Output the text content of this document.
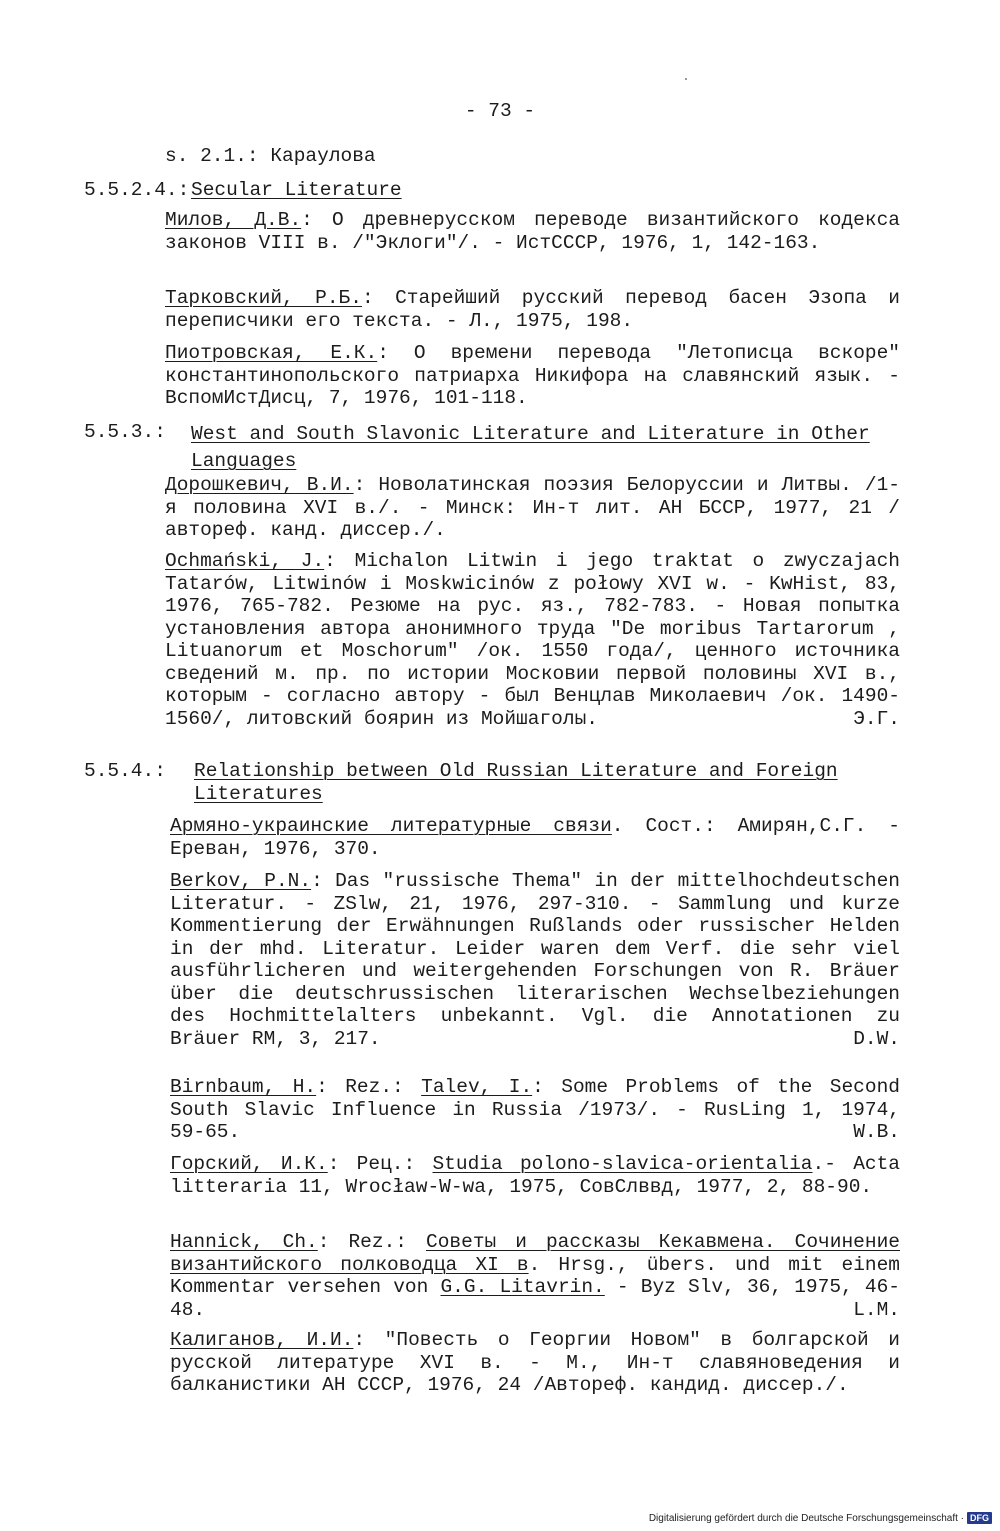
- 73 -
s. 2.1.: Караулова
5.5.2.4.: Secular Literature
Милов, Д.В.: О древнерусском переводе византийского кодекса законов VIII в. /"Эклоги"/. - ИстСССР, 1976, 1, 142-163.
Тарковский, Р.Б.: Старейший русский перевод басен Эзопа и переписчики его текста. - Л., 1975, 198.
Пиотровская, Е.К.: О времени перевода "Летописца вскоре" константинопольского патриарха Никифора на славянский язык. - ВспомИстДисц, 7, 1976, 101-118.
5.5.3.: West and South Slavonic Literature and Literature in Other Languages
Дорошкевич, В.И.: Новолатинская поэзия Белоруссии и Литвы. /1-я половина XVI в./. - Минск: Ин-т лит. АН БССР, 1977, 21 /автореф. канд. диссер./.
Ochmański, J.: Michalon Litwin i jego traktat o zwyczajach Tatarów, Litwinów i Moskwicinów z połowy XVI w. - KwHist, 83, 1976, 765-782. Резюме на рус. яз., 782-783. - Новая попытка установления автора анонимного труда "De moribus Tartarorum , Lituanorum et Moschorum" /ок. 1550 года/, ценного источника сведений м. пр. по истории Московии первой половины XVI в., которым - согласно автору - был Венцлав Миколаевич /ок. 1490-1560/, литовский боярин из Мойшаголы.	Э.Г.
5.5.4.: Relationship between Old Russian Literature and Foreign Literatures
Армяно-украинские литературные связи. Сост.: Амирян,С.Г. - Ереван, 1976, 370.
Berkov, P.N.: Das "russische Thema" in der mittelhochdeutschen Literatur. - ZSlw, 21, 1976, 297-310. - Sammlung und kurze Kommentierung der Erwähnungen Rußlands oder russischer Helden in der mhd. Literatur. Leider waren dem Verf. die sehr viel ausführlicheren und weitergehenden Forschungen von R. Bräuer über die deutschrussischen literarischen Wechselbeziehungen des Hochmittelalters unbekannt. Vgl. die Annotationen zu Bräuer RM, 3, 217.	D.W.
Birnbaum, H.: Rez.: Talev, I.: Some Problems of the Second South Slavic Influence in Russia /1973/. - RusLing 1, 1974, 59-65.	W.B.
Горский, И.К.: Рец.: Studia polono-slavica-orientalia.- Acta litteraria 11, Wrocław-W-wa, 1975, СовСлввд, 1977, 2, 88-90.
Hannick, Ch.: Rez.: Советы и рассказы Кекавмена. Сочинение византийского полководца XI в. Hrsg., übers. und mit einem Kommentar versehen von G.G. Litavrin. - Byz Slv, 36, 1975, 46-48.	L.M.
Калиганов, И.И.: "Повесть о Георгии Новом" в болгарской и русской литературе XVI в. - М., Ин-т славяноведения и балканистики АН СССР, 1976, 24 /Автореф. кандид. диссер./.
Digitalisierung gefördert durch die Deutsche Forschungsgemeinschaft · DFG
